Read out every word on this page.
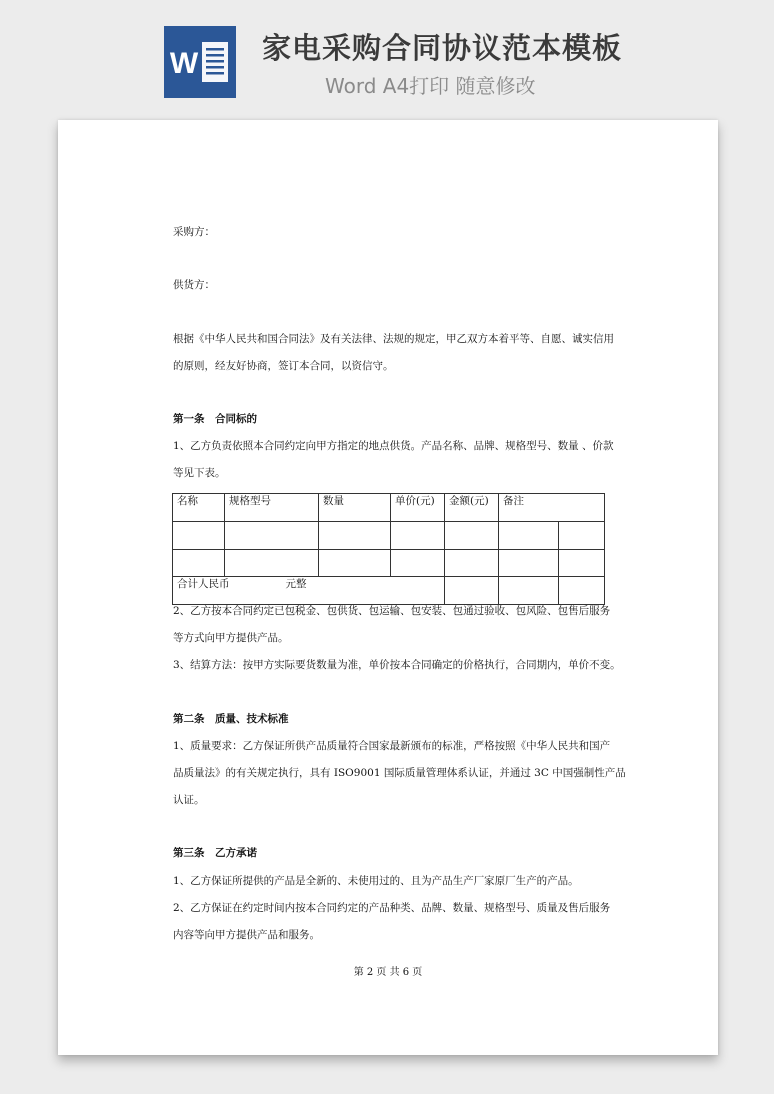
W 家电采购合同协议范本模板
Word A4打印 随意修改
采购方：
供货方：
根据《中华人民共和国合同法》及有关法律、法规的规定，甲乙双方本着平等、自愿、诚实信用
的原则，经友好协商，签订本合同，以资信守。
第一条　合同标的
1、乙方负责依照本合同约定向甲方指定的地点供货。产品名称、品牌、规格型号、数量 、价款
等见下表。
名称	规格型号	数量	单价(元)	金额(元)	备注	

合计人民币 元整						
2、乙方按本合同约定已包税金、包供货、包运输、包安装、包通过验收、包风险、包售后服务
等方式向甲方提供产品。
3、结算方法：按甲方实际要货数量为准，单价按本合同确定的价格执行，合同期内，单价不变。
第二条　质量、技术标准
1、质量要求：乙方保证所供产品质量符合国家最新颁布的标准，严格按照《中华人民共和国产
品质量法》的有关规定执行，具有 ISO9001 国际质量管理体系认证，并通过 3C 中国强制性产品
认证。
第三条　乙方承诺
1、乙方保证所提供的产品是全新的、未使用过的、且为产品生产厂家原厂生产的产品。
2、乙方保证在约定时间内按本合同约定的产品种类、品牌、数量、规格型号、质量及售后服务
内容等向甲方提供产品和服务。
第 2 页 共 6 页
